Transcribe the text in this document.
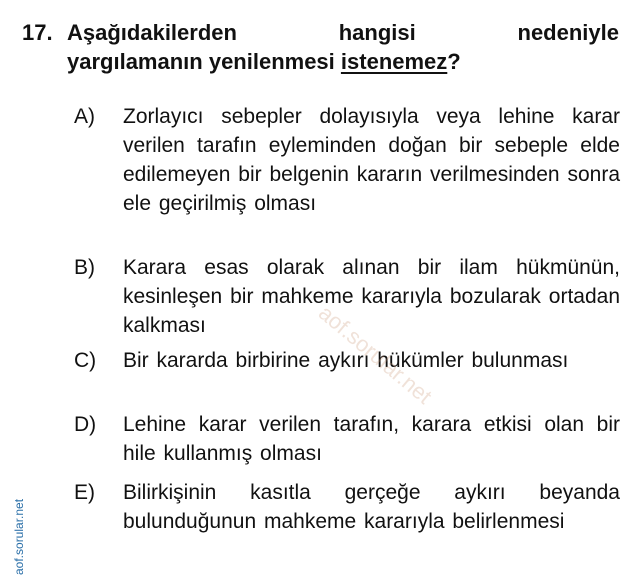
17. Aşağıdakilerden	hangisi	nedeniyle
yargılamanın yenilenmesi istenemez?
A) Zorlayıcı sebepler dolayısıyla veya lehine karar verilen tarafın eyleminden doğan bir sebeple elde edilemeyen bir belgenin kararın verilmesinden sonra ele geçirilmiş olması
B) Karara esas olarak alınan bir ilam hükmünün, kesinleşen bir mahkeme kararıyla bozularak ortadan kalkması
C) Bir kararda birbirine aykırı hükümler bulunması
D) Lehine karar verilen tarafın, karara etkisi olan bir hile kullanmış olması
E) Bilirkişinin kasıtla gerçeğe aykırı beyanda bulunduğunun mahkeme kararıyla belirlenmesi
aof.sorular.net
aof.sorular.net
